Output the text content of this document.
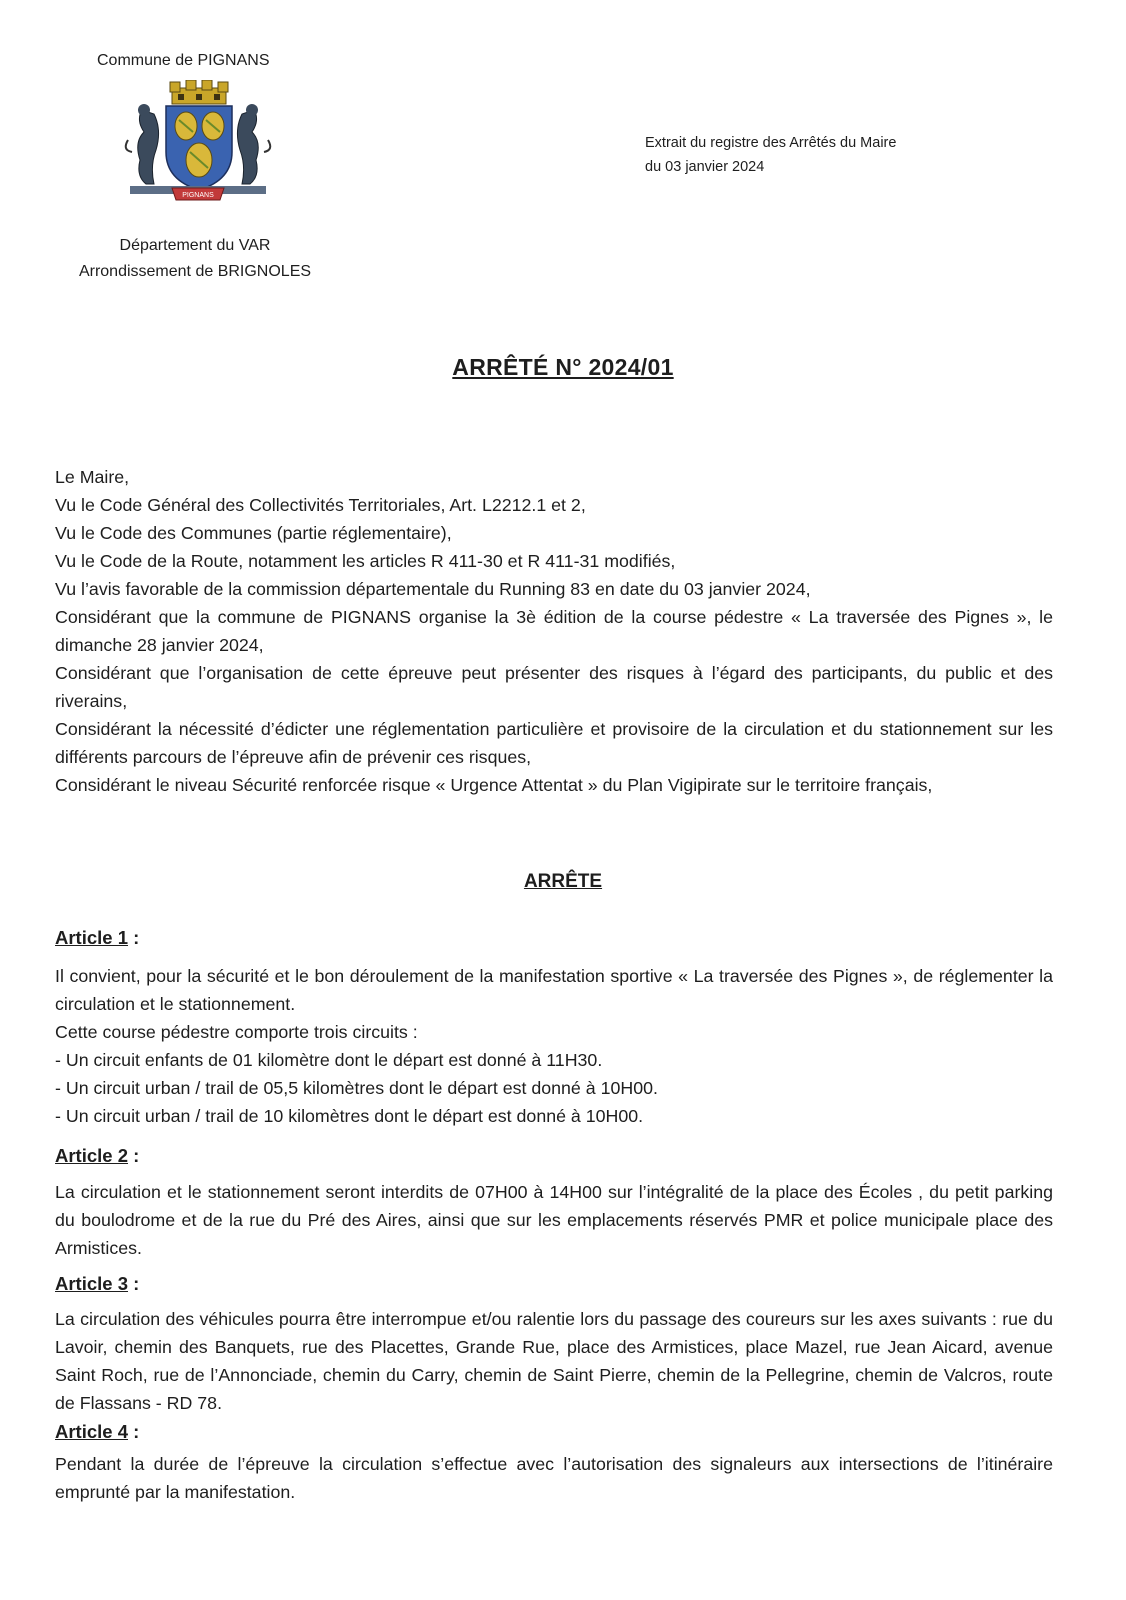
Commune de PIGNANS
PIGNANS
Département du VAR
Arrondissement de BRIGNOLES
Extrait du registre des Arrêtés du Maire
du 03 janvier 2024
ARRÊTÉ N° 2024/01
Le Maire,
Vu le Code Général des Collectivités Territoriales, Art. L2212.1 et 2,
Vu le Code des Communes (partie réglementaire),
Vu le Code de la Route, notamment les articles R 411-30 et R 411-31 modifiés,
Vu l’avis favorable de la commission départementale du Running 83 en date du 03 janvier 2024,
Considérant que la commune de PIGNANS organise la 3è édition de la course pédestre « La traversée des Pignes », le dimanche 28 janvier 2024,
Considérant que l’organisation de cette épreuve peut présenter des risques à l’égard des participants, du public et des riverains,
Considérant la nécessité d’édicter une réglementation particulière et provisoire de la circulation et du stationnement sur les différents parcours de l’épreuve afin de prévenir ces risques,
Considérant le niveau Sécurité renforcée risque « Urgence Attentat » du Plan Vigipirate sur le territoire français,
ARRÊTE
Article 1 :
Il convient, pour la sécurité et le bon déroulement de la manifestation sportive « La traversée des Pignes », de réglementer la circulation et le stationnement.
Cette course pédestre comporte trois circuits :
- Un circuit enfants de 01 kilomètre dont le départ est donné à 11H30.
- Un circuit urban / trail de 05,5 kilomètres dont le départ est donné à 10H00.
- Un circuit urban / trail de 10 kilomètres dont le départ est donné à 10H00.
Article 2 :
La circulation et le stationnement seront interdits de 07H00 à 14H00 sur l’intégralité de la place des Écoles , du petit parking du boulodrome et de la rue du Pré des Aires, ainsi que sur les emplacements réservés PMR et police municipale place des Armistices.
Article 3 :
La circulation des véhicules pourra être interrompue et/ou ralentie lors du passage des coureurs sur les axes suivants : rue du Lavoir, chemin des Banquets, rue des Placettes, Grande Rue, place des Armistices, place Mazel, rue Jean Aicard, avenue Saint Roch, rue de l’Annonciade, chemin du Carry, chemin de Saint Pierre, chemin de la Pellegrine, chemin de Valcros, route de Flassans - RD 78.
Article 4 :
Pendant la durée de l’épreuve la circulation s’effectue avec l’autorisation des signaleurs aux intersections de l’itinéraire emprunté par la manifestation.
